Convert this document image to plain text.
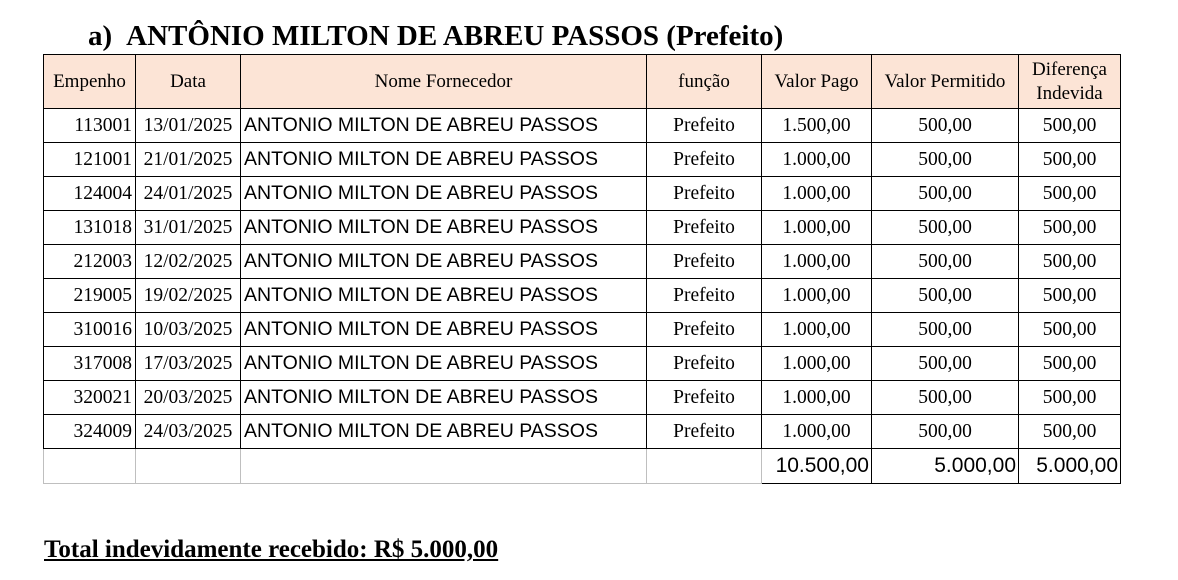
a) ANTÔNIO MILTON DE ABREU PASSOS (Prefeito)
Empenho	Data	Nome Fornecedor	função	Valor Pago	Valor Permitido	Diferença
Indevida

113001	13/01/2025	ANTONIO MILTON DE ABREU PASSOS	Prefeito	1.500,00	500,00	500,00
121001	21/01/2025	ANTONIO MILTON DE ABREU PASSOS	Prefeito	1.000,00	500,00	500,00
124004	24/01/2025	ANTONIO MILTON DE ABREU PASSOS	Prefeito	1.000,00	500,00	500,00
131018	31/01/2025	ANTONIO MILTON DE ABREU PASSOS	Prefeito	1.000,00	500,00	500,00
212003	12/02/2025	ANTONIO MILTON DE ABREU PASSOS	Prefeito	1.000,00	500,00	500,00
219005	19/02/2025	ANTONIO MILTON DE ABREU PASSOS	Prefeito	1.000,00	500,00	500,00
310016	10/03/2025	ANTONIO MILTON DE ABREU PASSOS	Prefeito	1.000,00	500,00	500,00
317008	17/03/2025	ANTONIO MILTON DE ABREU PASSOS	Prefeito	1.000,00	500,00	500,00
320021	20/03/2025	ANTONIO MILTON DE ABREU PASSOS	Prefeito	1.000,00	500,00	500,00
324009	24/03/2025	ANTONIO MILTON DE ABREU PASSOS	Prefeito	1.000,00	500,00	500,00
				10.500,00	5.000,00	5.000,00
Total indevidamente recebido: R$ 5.000,00
